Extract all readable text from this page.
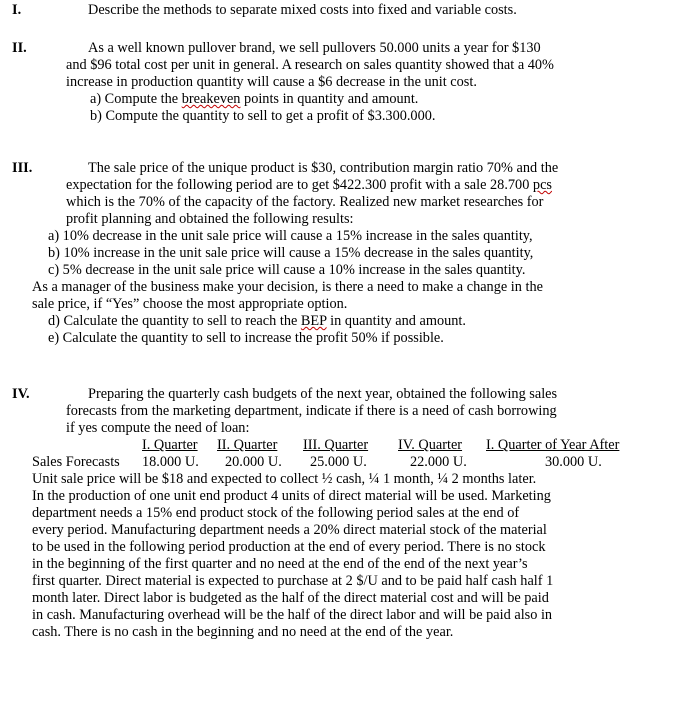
I.	Describe the methods to separate mixed costs into fixed and variable costs.
II.	As a well known pullover brand, we sell pullovers 50.000 units a year for $130
and $96 total cost per unit in general. A research on sales quantity showed that a 40%
increase in production quantity will cause a $6 decrease in the unit cost.
a) Compute the breakeven points in quantity and amount.
b) Compute the quantity to sell to get a profit of $3.300.000.
III.	The sale price of the unique product is $30, contribution margin ratio 70% and the
expectation for the following period are to get $422.300 profit with a sale 28.700 pcs
which is the 70% of the capacity of the factory. Realized new market researches for
profit planning and obtained the following results:
a) 10% decrease in the unit sale price will cause a 15% increase in the sales quantity,
b) 10% increase in the unit sale price will cause a 15% decrease in the sales quantity,
c) 5% decrease in the unit sale price will cause a 10% increase in the sales quantity.
As a manager of the business make your decision, is there a need to make a change in the
sale price, if “Yes” choose the most appropriate option.
d) Calculate the quantity to sell to reach the BEP in quantity and amount.
e) Calculate the quantity to sell to increase the profit 50% if possible.
IV.	Preparing the quarterly cash budgets of the next year, obtained the following sales
forecasts from the marketing department, indicate if there is a need of cash borrowing
if yes compute the need of loan:
I. Quarter II. Quarter III. Quarter IV. Quarter I. Quarter of Year After
Sales Forecasts 18.000 U. 20.000 U. 25.000 U.	22.000 U.	30.000 U.
Unit sale price will be $18 and expected to collect ½ cash, ¼ 1 month, ¼ 2 months later.
In the production of one unit end product 4 units of direct material will be used. Marketing
department needs a 15% end product stock of the following period sales at the end of
every period. Manufacturing department needs a 20% direct material stock of the material
to be used in the following period production at the end of every period. There is no stock
in the beginning of the first quarter and no need at the end of the end of the next year’s
first quarter. Direct material is expected to purchase at 2 $/U and to be paid half cash half 1
month later. Direct labor is budgeted as the half of the direct material cost and will be paid
in cash. Manufacturing overhead will be the half of the direct labor and will be paid also in
cash. There is no cash in the beginning and no need at the end of the year.
